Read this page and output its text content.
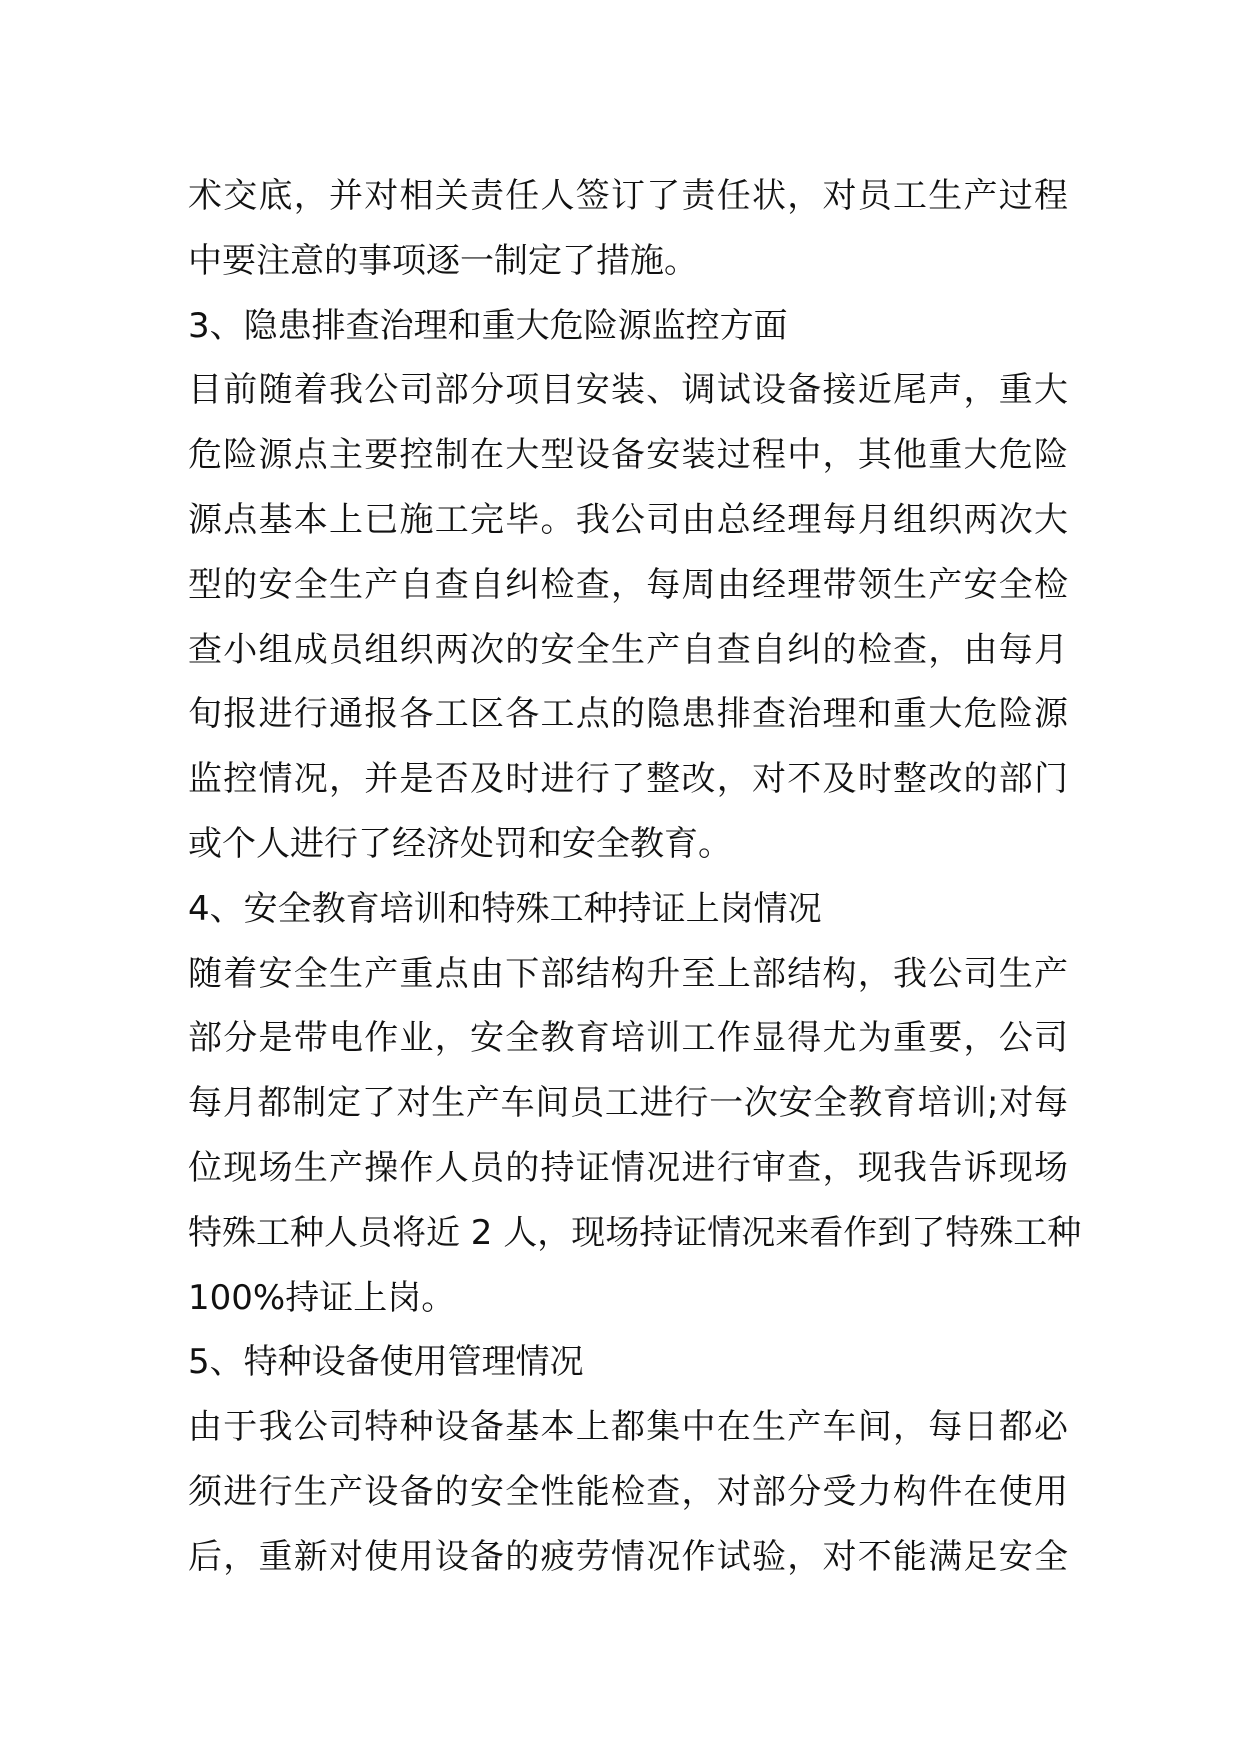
术交底，并对相关责任人签订了责任状，对员工生产过程
中要注意的事项逐一制定了措施。
3、隐患排查治理和重大危险源监控方面
目前随着我公司部分项目安装、调试设备接近尾声，重大
危险源点主要控制在大型设备安装过程中，其他重大危险
源点基本上已施工完毕。我公司由总经理每月组织两次大
型的安全生产自查自纠检查，每周由经理带领生产安全检
查小组成员组织两次的安全生产自查自纠的检查，由每月
旬报进行通报各工区各工点的隐患排查治理和重大危险源
监控情况，并是否及时进行了整改，对不及时整改的部门
或个人进行了经济处罚和安全教育。
4、安全教育培训和特殊工种持证上岗情况
随着安全生产重点由下部结构升至上部结构，我公司生产
部分是带电作业，安全教育培训工作显得尤为重要，公司
每月都制定了对生产车间员工进行一次安全教育培训;对每
位现场生产操作人员的持证情况进行审查，现我告诉现场
特殊工种人员将近 2 人，现场持证情况来看作到了特殊工种
100%持证上岗。
5、特种设备使用管理情况
由于我公司特种设备基本上都集中在生产车间，每日都必
须进行生产设备的安全性能检查，对部分受力构件在使用
后，重新对使用设备的疲劳情况作试验，对不能满足安全
